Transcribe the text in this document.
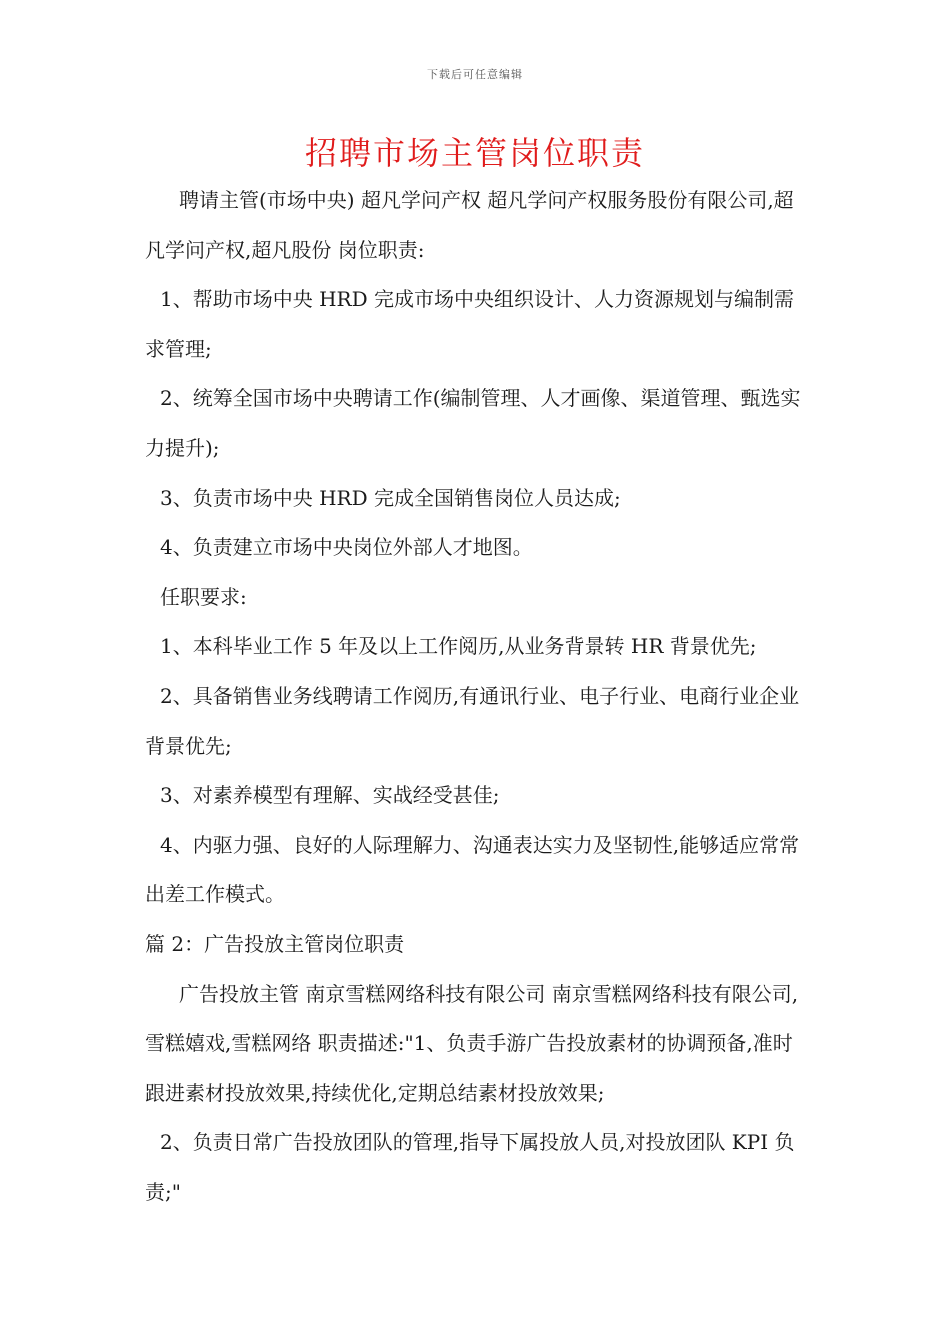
下载后可任意编辑
招聘市场主管岗位职责

聘请主管(市场中央) 超凡学问产权 超凡学问产权服务股份有限公司,超凡学问产权,超凡股份 岗位职责:

1、帮助市场中央 HRD 完成市场中央组织设计、人力资源规划与编制需求管理;

2、统筹全国市场中央聘请工作(编制管理、人才画像、渠道管理、甄选实力提升);

3、负责市场中央 HRD 完成全国销售岗位人员达成;

4、负责建立市场中央岗位外部人才地图。

任职要求:

1、本科毕业工作 5 年及以上工作阅历,从业务背景转 HR 背景优先;

2、具备销售业务线聘请工作阅历,有通讯行业、电子行业、电商行业企业背景优先;

3、对素养模型有理解、实战经受甚佳;

4、内驱力强、良好的人际理解力、沟通表达实力及坚韧性,能够适应常常出差工作模式。

篇 2：广告投放主管岗位职责

广告投放主管 南京雪糕网络科技有限公司 南京雪糕网络科技有限公司,雪糕嬉戏,雪糕网络 职责描述:"1、负责手游广告投放素材的协调预备,准时跟进素材投放效果,持续优化,定期总结素材投放效果;

2、负责日常广告投放团队的管理,指导下属投放人员,对投放团队 KPI 负责;"
